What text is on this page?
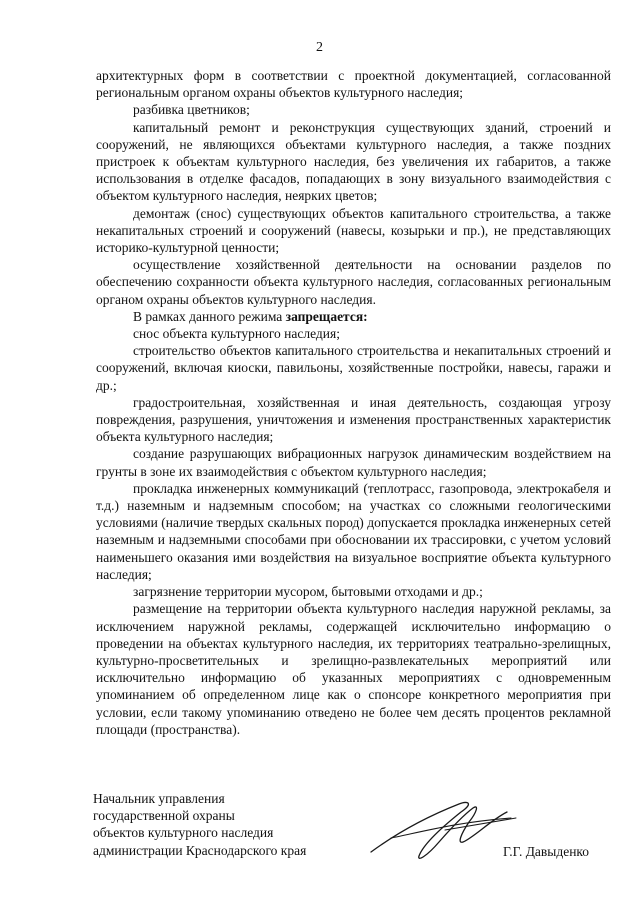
2

архитектурных форм в соответствии с проектной документацией, согласованной региональным органом охраны объектов культурного наследия;

разбивка цветников;

капитальный ремонт и реконструкция существующих зданий, строений и сооружений, не являющихся объектами культурного наследия, а также поздних пристроек к объектам культурного наследия, без увеличения их габаритов, а также использования в отделке фасадов, попадающих в зону визуального взаимодействия с объектом культурного наследия, неярких цветов;

демонтаж (снос) существующих объектов капитального строительства, а также некапитальных строений и сооружений (навесы, козырьки и пр.), не представляющих историко-культурной ценности;

осуществление хозяйственной деятельности на основании разделов по обеспечению сохранности объекта культурного наследия, согласованных региональным органом охраны объектов культурного наследия.

В рамках данного режима запрещается:

снос объекта культурного наследия;

строительство объектов капитального строительства и некапитальных строений и сооружений, включая киоски, павильоны, хозяйственные постройки, навесы, гаражи и др.;

градостроительная, хозяйственная и иная деятельность, создающая угрозу повреждения, разрушения, уничтожения и изменения пространственных характеристик объекта культурного наследия;

создание разрушающих вибрационных нагрузок динамическим воздействием на грунты в зоне их взаимодействия с объектом культурного наследия;

прокладка инженерных коммуникаций (теплотрасс, газопровода, электрокабеля и т.д.) наземным и надземным способом; на участках со сложными геологическими условиями (наличие твердых скальных пород) допускается прокладка инженерных сетей наземным и надземными способами при обосновании их трассировки, с учетом условий наименьшего оказания ими воздействия на визуальное восприятие объекта культурного наследия;

загрязнение территории мусором, бытовыми отходами и др.;

размещение на территории объекта культурного наследия наружной рекламы, за исключением наружной рекламы, содержащей исключительно информацию о проведении на объектах культурного наследия, их территориях театрально-зрелищных, культурно-просветительных и зрелищно-развлекательных мероприятий или исключительно информацию об указанных мероприятиях с одновременным упоминанием об определенном лице как о спонсоре конкретного мероприятия при условии, если такому упоминанию отведено не более чем десять процентов рекламной площади (пространства).

Начальник управления

государственной охраны

объектов культурного наследия

администрации Краснодарского края	Г.Г. Давыденко
